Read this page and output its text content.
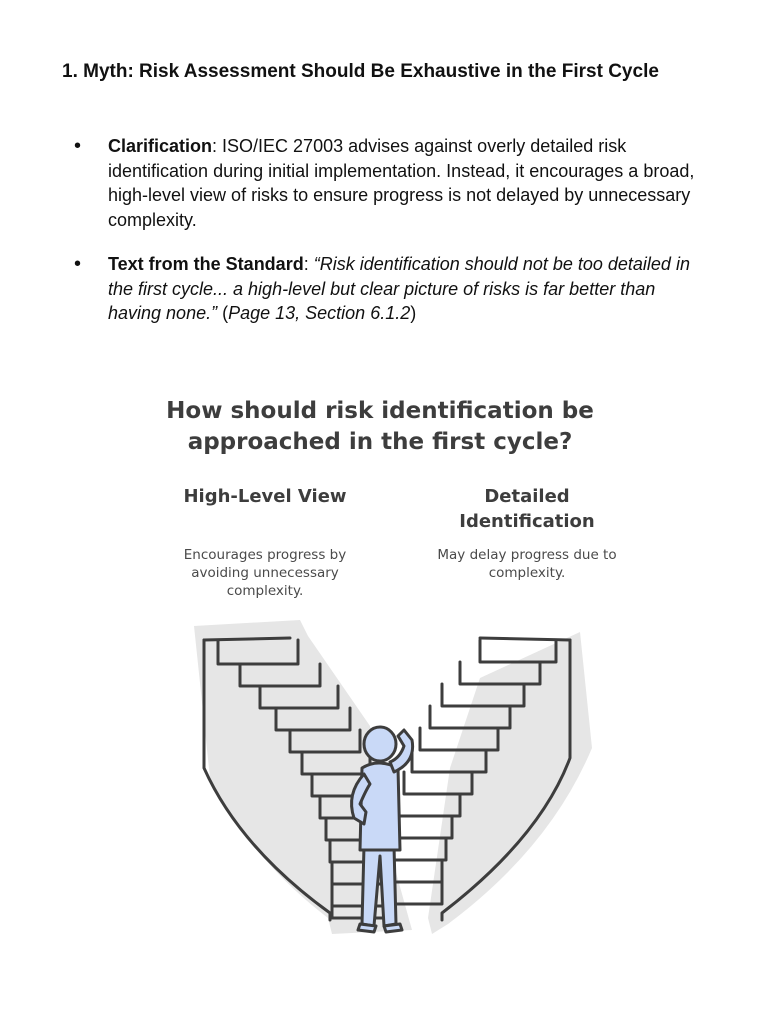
1. Myth: Risk Assessment Should Be Exhaustive in the First Cycle
• Clarification: ISO/IEC 27003 advises against overly detailed risk identification during initial implementation. Instead, it encourages a broad, high-level view of risks to ensure progress is not delayed by unnecessary complexity.
• Text from the Standard: “Risk identification should not be too detailed in the first cycle... a high-level but clear picture of risks is far better than having none.” (Page 13, Section 6.1.2)
How should risk identification be approached in the first cycle?
High-Level View
Encourages progress by avoiding unnecessary complexity.
Detailed Identification
May delay progress due to complexity.
